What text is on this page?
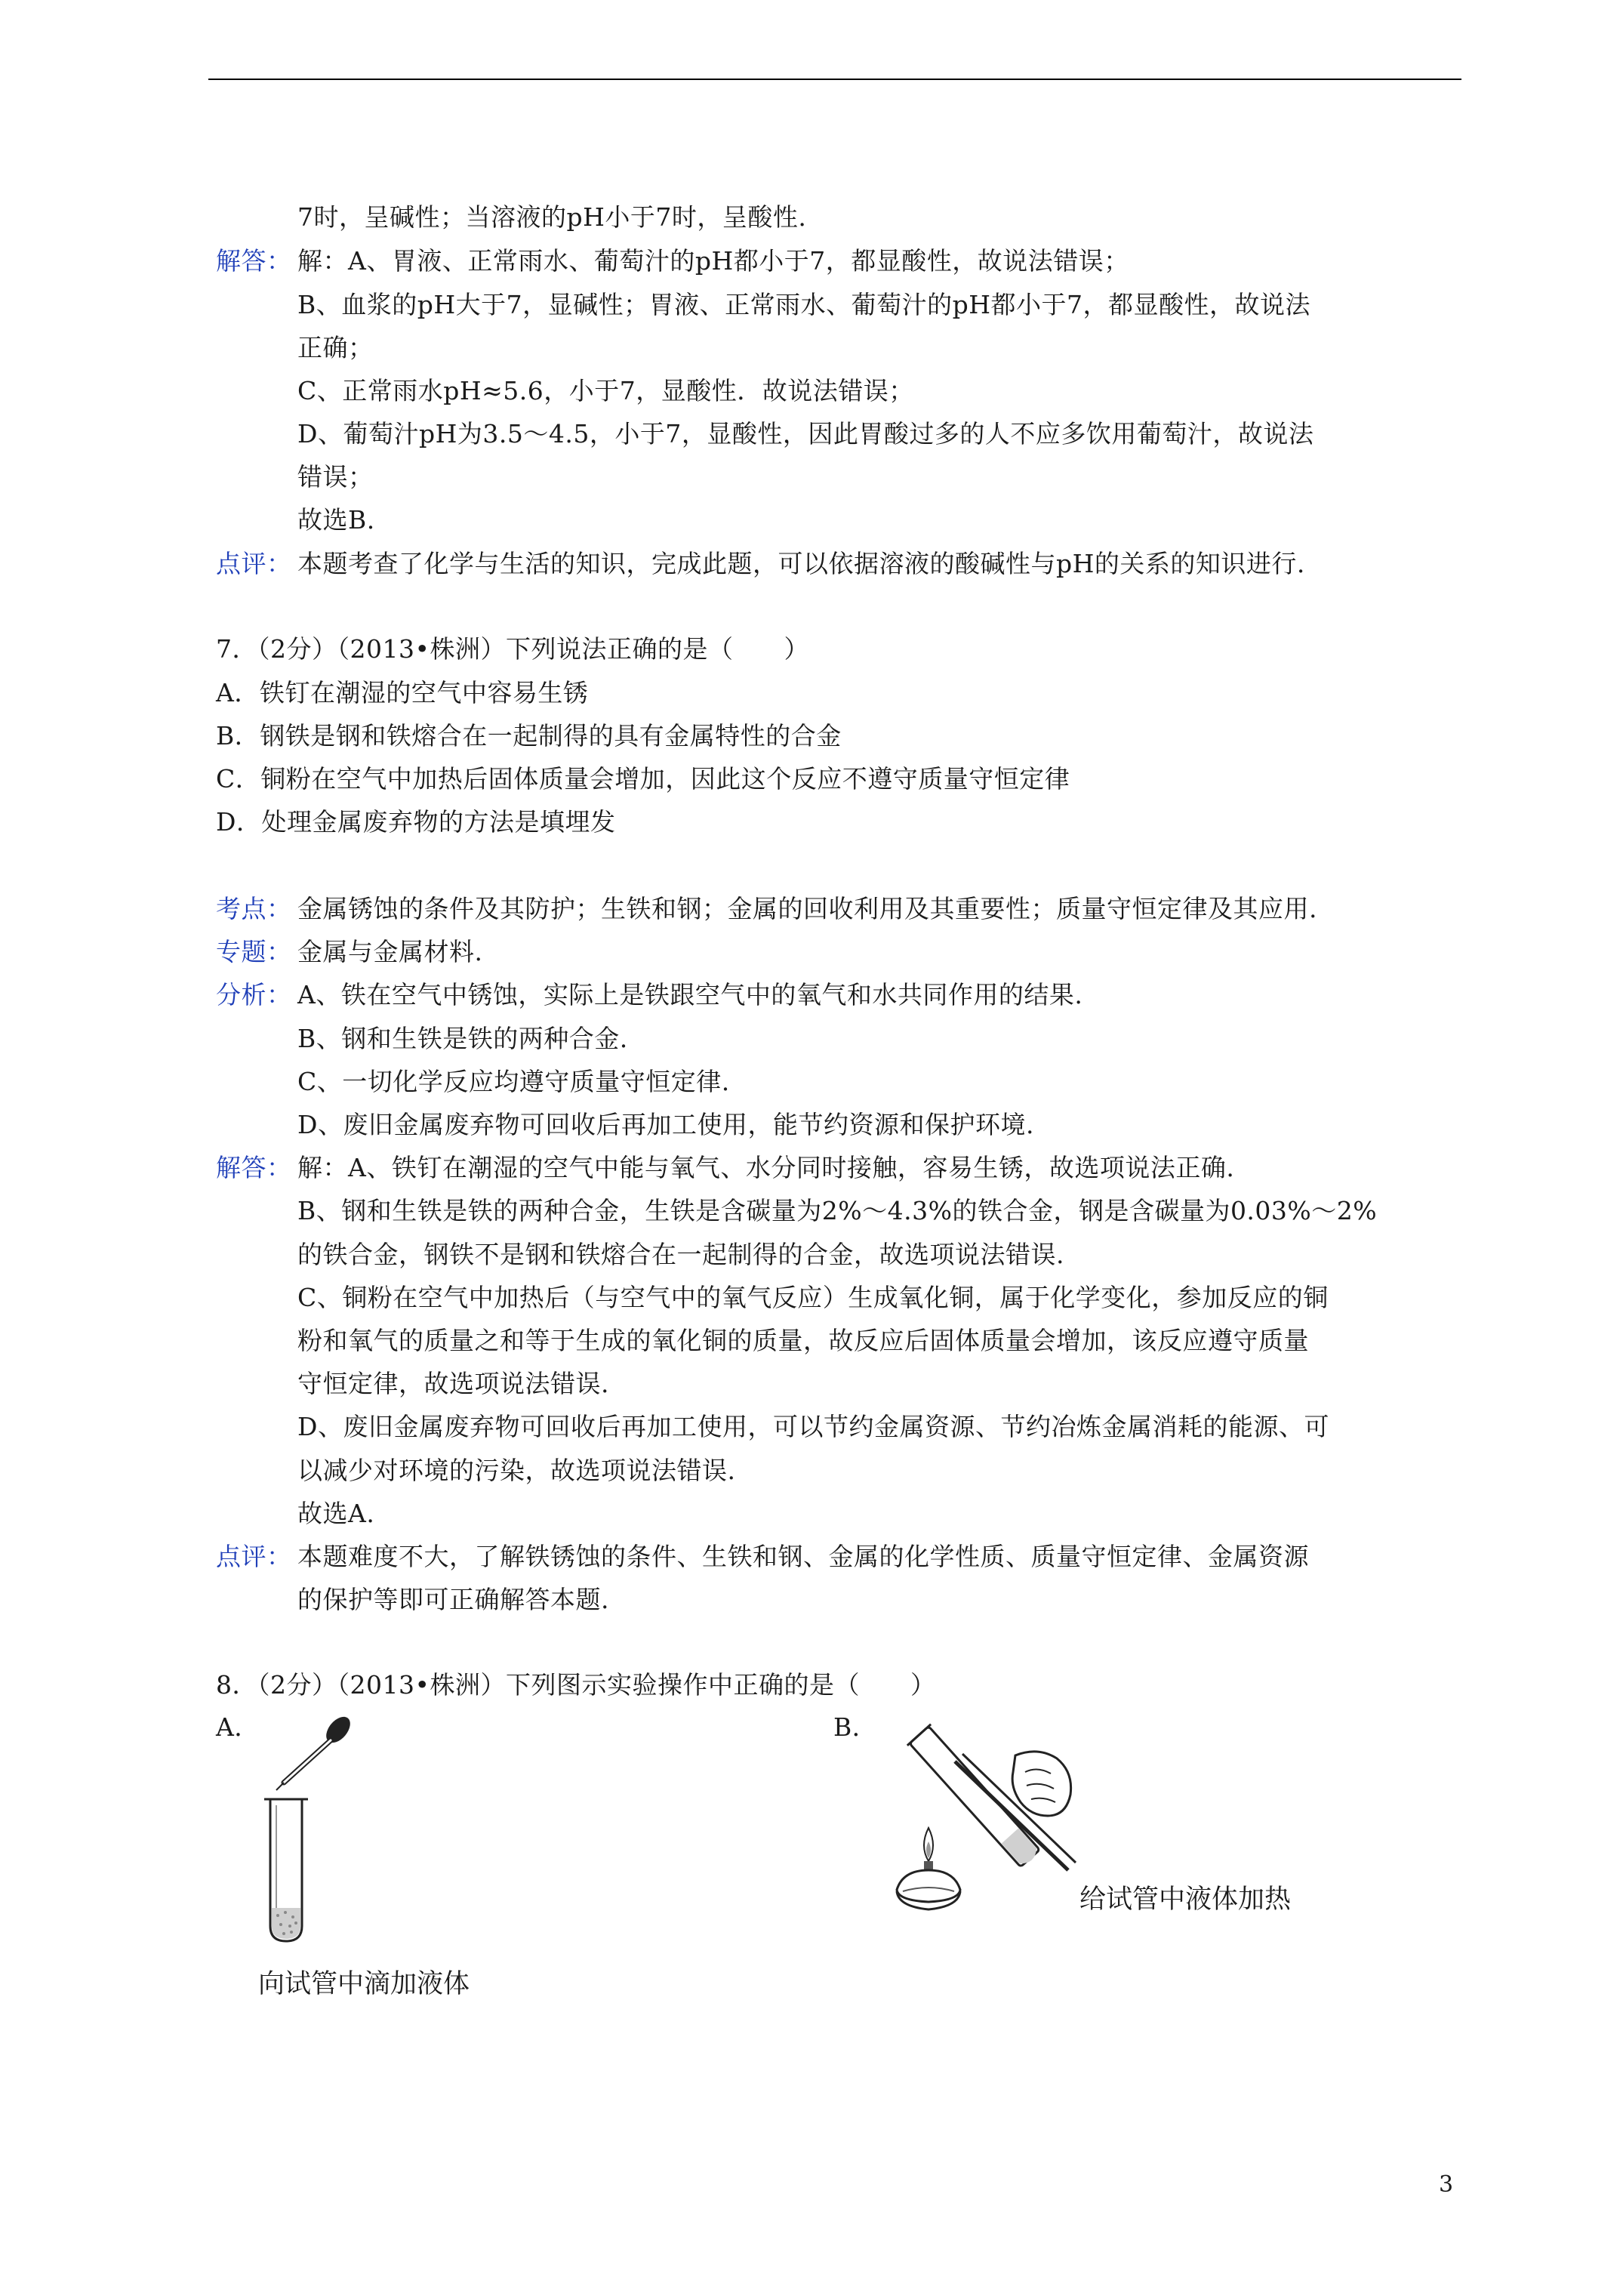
7时，呈碱性；当溶液的pH小于7时，呈酸性.
解答： 解：A、胃液、正常雨水、葡萄汁的pH都小于7，都显酸性，故说法错误；
B、血浆的pH大于7，显碱性；胃液、正常雨水、葡萄汁的pH都小于7，都显酸性，故说法
正确；
C、正常雨水pH≈5.6，小于7，显酸性．故说法错误；
D、葡萄汁pH为3.5～4.5，小于7，显酸性，因此胃酸过多的人不应多饮用葡萄汁，故说法
错误；
故选B.
点评： 本题考查了化学与生活的知识，完成此题，可以依据溶液的酸碱性与pH的关系的知识进行.
7．（2分）（2013•株洲）下列说法正确的是（　　）
A．铁钉在潮湿的空气中容易生锈
B．钢铁是钢和铁熔合在一起制得的具有金属特性的合金
C．铜粉在空气中加热后固体质量会增加，因此这个反应不遵守质量守恒定律
D．处理金属废弃物的方法是填埋发
考点： 金属锈蚀的条件及其防护；生铁和钢；金属的回收利用及其重要性；质量守恒定律及其应用.
专题： 金属与金属材料.
分析： A、铁在空气中锈蚀，实际上是铁跟空气中的氧气和水共同作用的结果.
B、钢和生铁是铁的两种合金.
C、一切化学反应均遵守质量守恒定律.
D、废旧金属废弃物可回收后再加工使用，能节约资源和保护环境.
解答： 解：A、铁钉在潮湿的空气中能与氧气、水分同时接触，容易生锈，故选项说法正确.
B、钢和生铁是铁的两种合金，生铁是含碳量为2%～4.3%的铁合金，钢是含碳量为0.03%～2%
的铁合金，钢铁不是钢和铁熔合在一起制得的合金，故选项说法错误.
C、铜粉在空气中加热后（与空气中的氧气反应）生成氧化铜，属于化学变化，参加反应的铜
粉和氧气的质量之和等于生成的氧化铜的质量，故反应后固体质量会增加，该反应遵守质量
守恒定律，故选项说法错误.
D、废旧金属废弃物可回收后再加工使用，可以节约金属资源、节约冶炼金属消耗的能源、可
以减少对环境的污染，故选项说法错误.
故选A.
点评： 本题难度不大，了解铁锈蚀的条件、生铁和钢、金属的化学性质、质量守恒定律、金属资源
的保护等即可正确解答本题.
8．（2分）（2013•株洲）下列图示实验操作中正确的是（　　）
A．	B．
向试管中滴加液体
给试管中液体加热
3
